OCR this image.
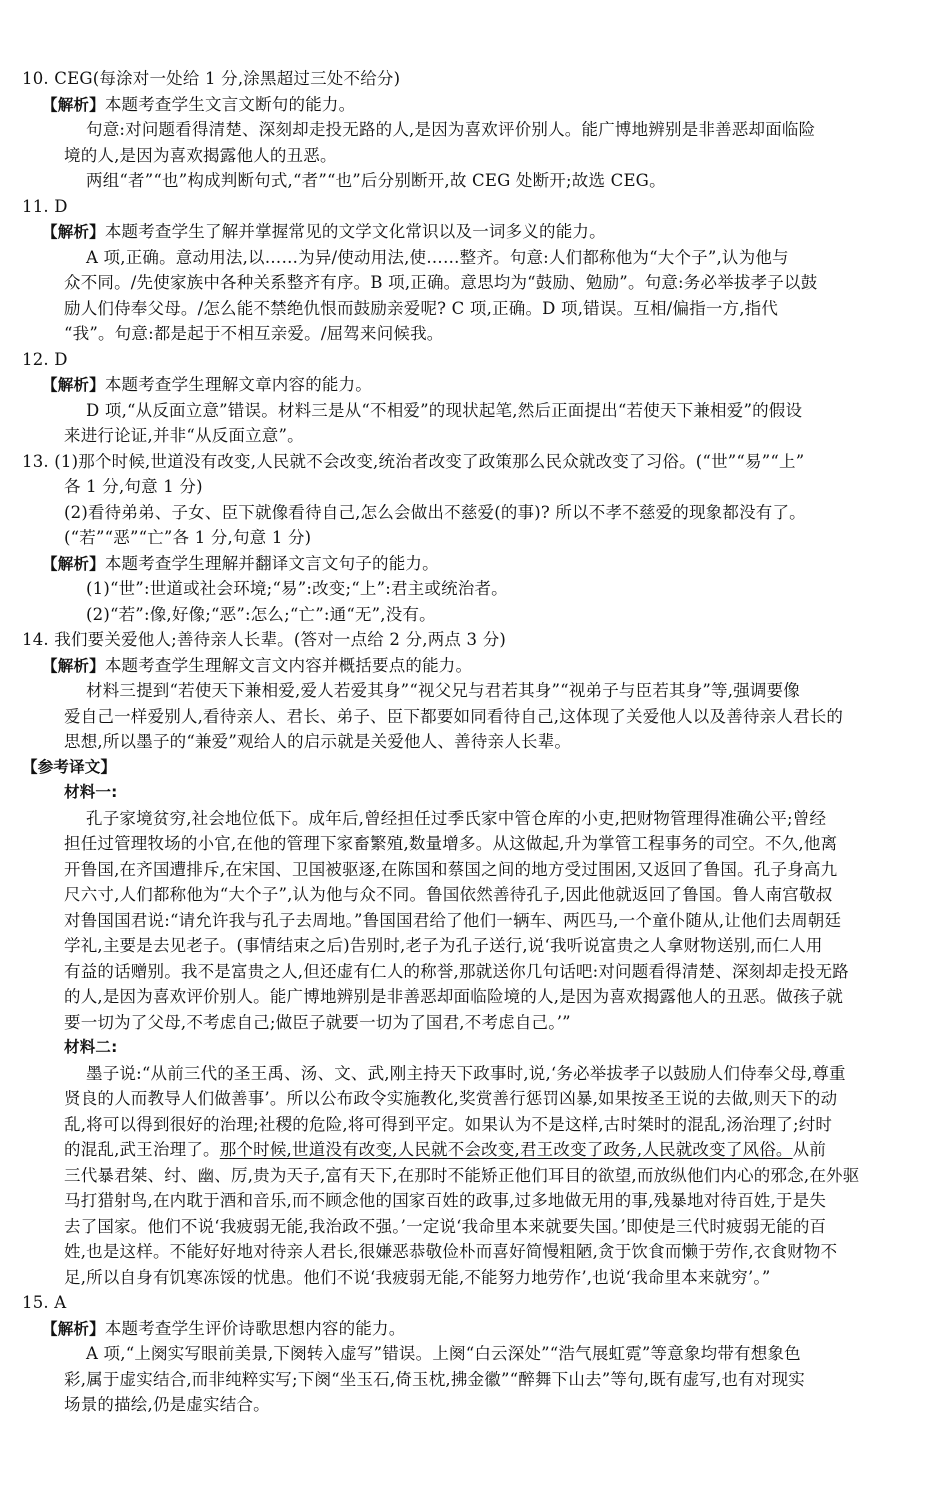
10. CEG(每涂对一处给 1 分,涂黑超过三处不给分)
【解析】本题考查学生文言文断句的能力。
句意:对问题看得清楚、深刻却走投无路的人,是因为喜欢评价别人。能广博地辨别是非善恶却面临险
境的人,是因为喜欢揭露他人的丑恶。
两组“者”“也”构成判断句式,“者”“也”后分别断开,故 CEG 处断开;故选 CEG。
11. D
【解析】本题考查学生了解并掌握常见的文学文化常识以及一词多义的能力。
A 项,正确。意动用法,以……为异/使动用法,使……整齐。句意:人们都称他为“大个子”,认为他与
众不同。/先使家族中各种关系整齐有序。B 项,正确。意思均为“鼓励、勉励”。句意:务必举拔孝子以鼓
励人们侍奉父母。/怎么能不禁绝仇恨而鼓励亲爱呢? C 项,正确。D 项,错误。互相/偏指一方,指代
“我”。句意:都是起于不相互亲爱。/屈驾来问候我。
12. D
【解析】本题考查学生理解文章内容的能力。
D 项,“从反面立意”错误。材料三是从“不相爱”的现状起笔,然后正面提出“若使天下兼相爱”的假设
来进行论证,并非“从反面立意”。
13. (1)那个时候,世道没有改变,人民就不会改变,统治者改变了政策那么民众就改变了习俗。(“世”“易”“上”
各 1 分,句意 1 分)
(2)看待弟弟、子女、臣下就像看待自己,怎么会做出不慈爱(的事)? 所以不孝不慈爱的现象都没有了。
(“若”“恶”“亡”各 1 分,句意 1 分)
【解析】本题考查学生理解并翻译文言文句子的能力。
(1)“世”:世道或社会环境;“易”:改变;“上”:君主或统治者。
(2)“若”:像,好像;“恶”:怎么;“亡”:通“无”,没有。
14. 我们要关爱他人;善待亲人长辈。(答对一点给 2 分,两点 3 分)
【解析】本题考查学生理解文言文内容并概括要点的能力。
材料三提到“若使天下兼相爱,爱人若爱其身”“视父兄与君若其身”“视弟子与臣若其身”等,强调要像
爱自己一样爱别人,看待亲人、君长、弟子、臣下都要如同看待自己,这体现了关爱他人以及善待亲人君长的
思想,所以墨子的“兼爱”观给人的启示就是关爱他人、善待亲人长辈。
【参考译文】
材料一:
孔子家境贫穷,社会地位低下。成年后,曾经担任过季氏家中管仓库的小吏,把财物管理得准确公平;曾经
担任过管理牧场的小官,在他的管理下家畜繁殖,数量增多。从这做起,升为掌管工程事务的司空。不久,他离
开鲁国,在齐国遭排斥,在宋国、卫国被驱逐,在陈国和蔡国之间的地方受过围困,又返回了鲁国。孔子身高九
尺六寸,人们都称他为“大个子”,认为他与众不同。鲁国依然善待孔子,因此他就返回了鲁国。鲁人南宫敬叔
对鲁国国君说:“请允许我与孔子去周地。”鲁国国君给了他们一辆车、两匹马,一个童仆随从,让他们去周朝廷
学礼,主要是去见老子。(事情结束之后)告别时,老子为孔子送行,说‘我听说富贵之人拿财物送别,而仁人用
有益的话赠别。我不是富贵之人,但还虚有仁人的称誉,那就送你几句话吧:对问题看得清楚、深刻却走投无路
的人,是因为喜欢评价别人。能广博地辨别是非善恶却面临险境的人,是因为喜欢揭露他人的丑恶。做孩子就
要一切为了父母,不考虑自己;做臣子就要一切为了国君,不考虑自己。’”
材料二:
墨子说:“从前三代的圣王禹、汤、文、武,刚主持天下政事时,说,‘务必举拔孝子以鼓励人们侍奉父母,尊重
贤良的人而教导人们做善事’。所以公布政令实施教化,奖赏善行惩罚凶暴,如果按圣王说的去做,则天下的动
乱,将可以得到很好的治理;社稷的危险,将可得到平定。如果认为不是这样,古时桀时的混乱,汤治理了;纣时
的混乱,武王治理了。那个时候,世道没有改变,人民就不会改变,君王改变了政务,人民就改变了风俗。从前
三代暴君桀、纣、幽、厉,贵为天子,富有天下,在那时不能矫正他们耳目的欲望,而放纵他们内心的邪念,在外驱
马打猎射鸟,在内耽于酒和音乐,而不顾念他的国家百姓的政事,过多地做无用的事,残暴地对待百姓,于是失
去了国家。他们不说‘我疲弱无能,我治政不强。’一定说‘我命里本来就要失国。’即使是三代时疲弱无能的百
姓,也是这样。不能好好地对待亲人君长,很嫌恶恭敬俭朴而喜好简慢粗陋,贪于饮食而懒于劳作,衣食财物不
足,所以自身有饥寒冻馁的忧患。他们不说‘我疲弱无能,不能努力地劳作’,也说‘我命里本来就穷’。”
15. A
【解析】本题考查学生评价诗歌思想内容的能力。
A 项,“上阕实写眼前美景,下阕转入虚写”错误。上阕“白云深处”“浩气展虹霓”等意象均带有想象色
彩,属于虚实结合,而非纯粹实写;下阕“坐玉石,倚玉枕,拂金徽”“醉舞下山去”等句,既有虚写,也有对现实
场景的描绘,仍是虚实结合。
